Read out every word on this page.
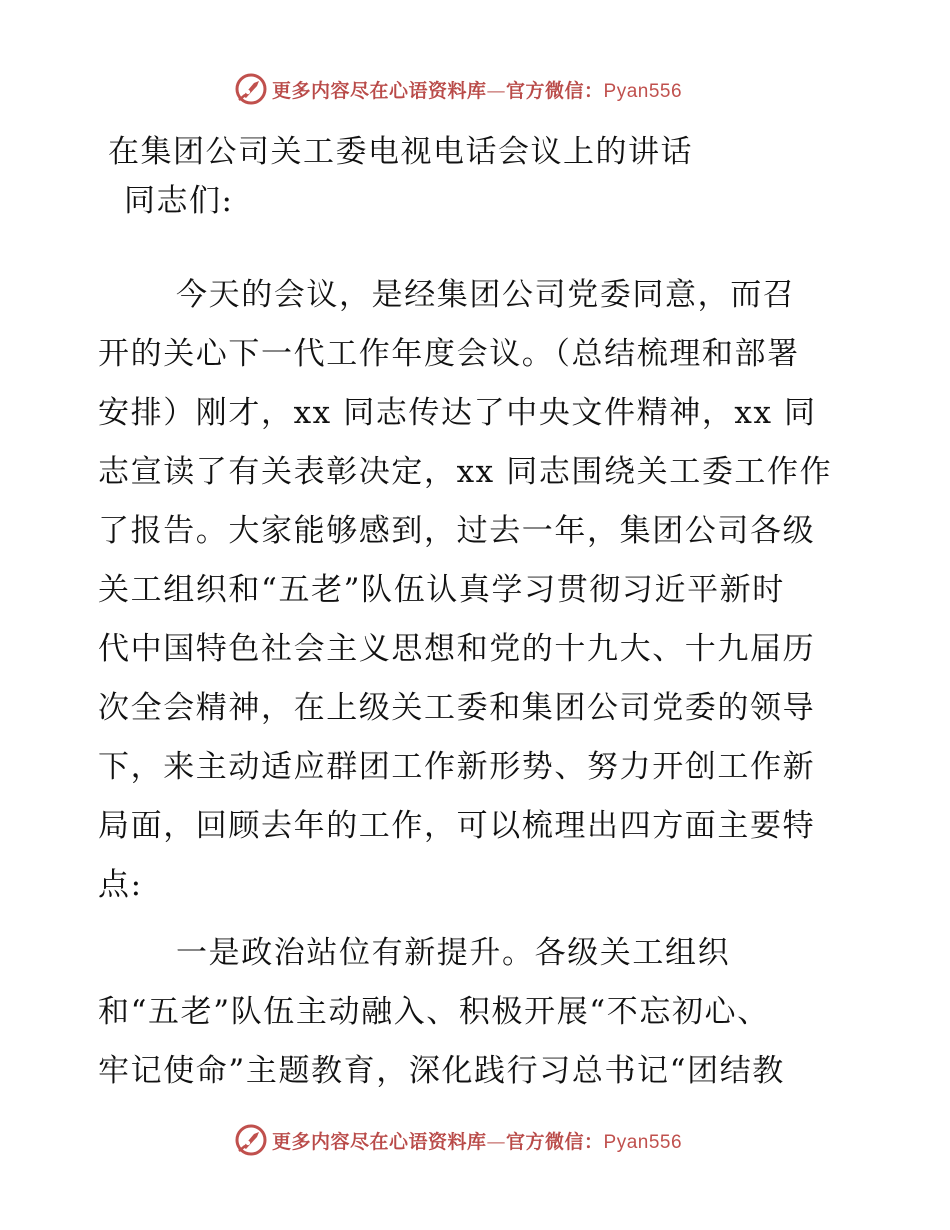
更多内容尽在心语资料库—官方微信：Pyan556
在集团公司关工委电视电话会议上的讲话
同志们:
今天的会议，是经集团公司党委同意，而召
开的关心下一代工作年度会议。（总结梳理和部署
安排）刚才，xx 同志传达了中央文件精神，xx 同
志宣读了有关表彰决定，xx 同志围绕关工委工作作
了报告。大家能够感到，过去一年，集团公司各级
关工组织和“五老”队伍认真学习贯彻习近平新时
代中国特色社会主义思想和党的十九大、十九届历
次全会精神，在上级关工委和集团公司党委的领导
下，来主动适应群团工作新形势、努力开创工作新
局面，回顾去年的工作，可以梳理出四方面主要特
点:
一是政治站位有新提升。各级关工组织
和“五老”队伍主动融入、积极开展“不忘初心、
牢记使命”主题教育，深化践行习总书记“团结教
更多内容尽在心语资料库—官方微信：Pyan556
